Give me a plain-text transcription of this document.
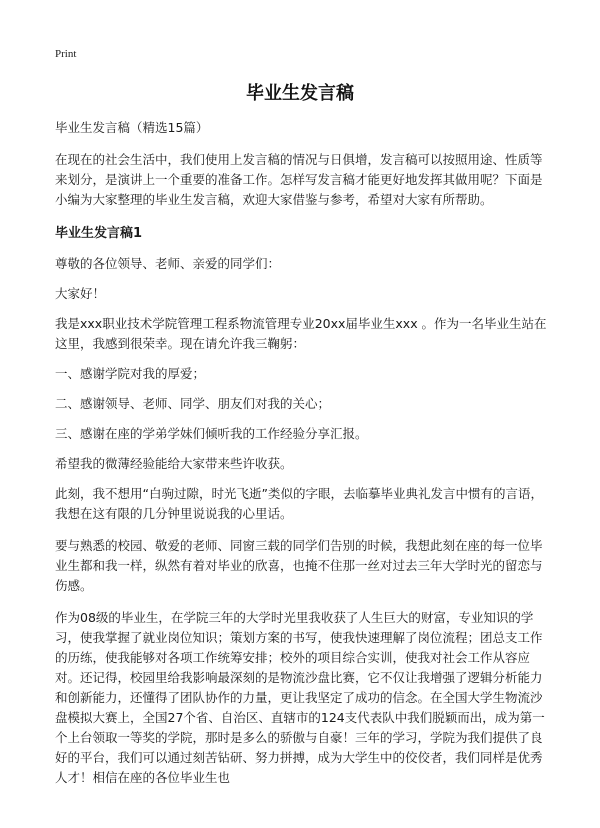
Print
毕业生发言稿

毕业生发言稿（精选15篇）

在现在的社会生活中，我们使用上发言稿的情况与日俱增，发言稿可以按照用途、性质等来划分，是演讲上一个重要的准备工作。怎样写发言稿才能更好地发挥其做用呢？下面是小编为大家整理的毕业生发言稿，欢迎大家借鉴与参考，希望对大家有所帮助。

毕业生发言稿1

尊敬的各位领导、老师、亲爱的同学们：

大家好！

我是xxx职业技术学院管理工程系物流管理专业20xx届毕业生xxx 。作为一名毕业生站在这里，我感到很荣幸。现在请允许我三鞠躬：

一、感谢学院对我的厚爱；

二、感谢领导、老师、同学、朋友们对我的关心；

三、感谢在座的学弟学妹们倾听我的工作经验分享汇报。

希望我的微薄经验能给大家带来些许收获。

此刻，我不想用“白驹过隙，时光飞逝”类似的字眼，去临摹毕业典礼发言中惯有的言语，我想在这有限的几分钟里说说我的心里话。

要与熟悉的校园、敬爱的老师、同窗三载的同学们告别的时候，我想此刻在座的每一位毕业生都和我一样，纵然有着对毕业的欣喜，也掩不住那一丝对过去三年大学时光的留恋与伤感。

作为08级的毕业生，在学院三年的大学时光里我收获了人生巨大的财富，专业知识的学习，使我掌握了就业岗位知识；策划方案的书写，使我快速理解了岗位流程；团总支工作的历练，使我能够对各项工作统筹安排；校外的项目综合实训，使我对社会工作从容应对。还记得，校园里给我影响最深刻的是物流沙盘比赛，它不仅让我增强了逻辑分析能力和创新能力，还懂得了团队协作的力量，更让我坚定了成功的信念。在全国大学生物流沙盘模拟大赛上，全国27个省、自治区、直辖市的124支代表队中我们脱颖而出，成为第一个上台领取一等奖的学院，那时是多么的骄傲与自豪！三年的学习，学院为我们提供了良好的平台，我们可以通过刻苦钻研、努力拼搏，成为大学生中的佼佼者，我们同样是优秀人才！相信在座的各位毕业生也
